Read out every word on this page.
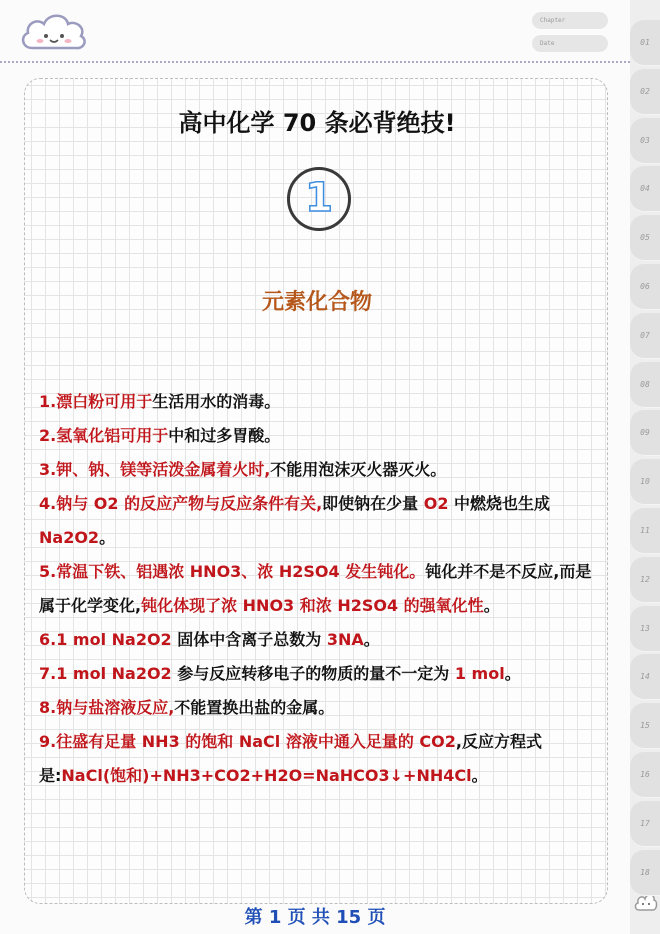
Chapter
Date
高中化学 70 条必背绝技!
1
元素化合物

1.漂白粉可用于生活用水的消毒。

2.氢氧化铝可用于中和过多胃酸。

3.钾、钠、镁等活泼金属着火时,不能用泡沫灭火器灭火。

4.钠与 O2 的反应产物与反应条件有关,即使钠在少量 O2 中燃烧也生成 Na2O2。

5.常温下铁、铝遇浓 HNO3、浓 H2SO4 发生钝化。钝化并不是不反应,而是属于化学变化,钝化体现了浓 HNO3 和浓 H2SO4 的强氧化性。

6.1 mol Na2O2 固体中含离子总数为 3NA。

7.1 mol Na2O2 参与反应转移电子的物质的量不一定为 1 mol。

8.钠与盐溶液反应,不能置换出盐的金属。

9.往盛有足量 NH3 的饱和 NaCl 溶液中通入足量的 CO2,反应方程式是:NaCl(饱和)+NH3+CO2+H2O=NaHCO3↓+NH4Cl。

第 1 页 共 15 页
01
02
03
04
05
06
07
08
09
10
11
12
13
14
15
16
17
18
